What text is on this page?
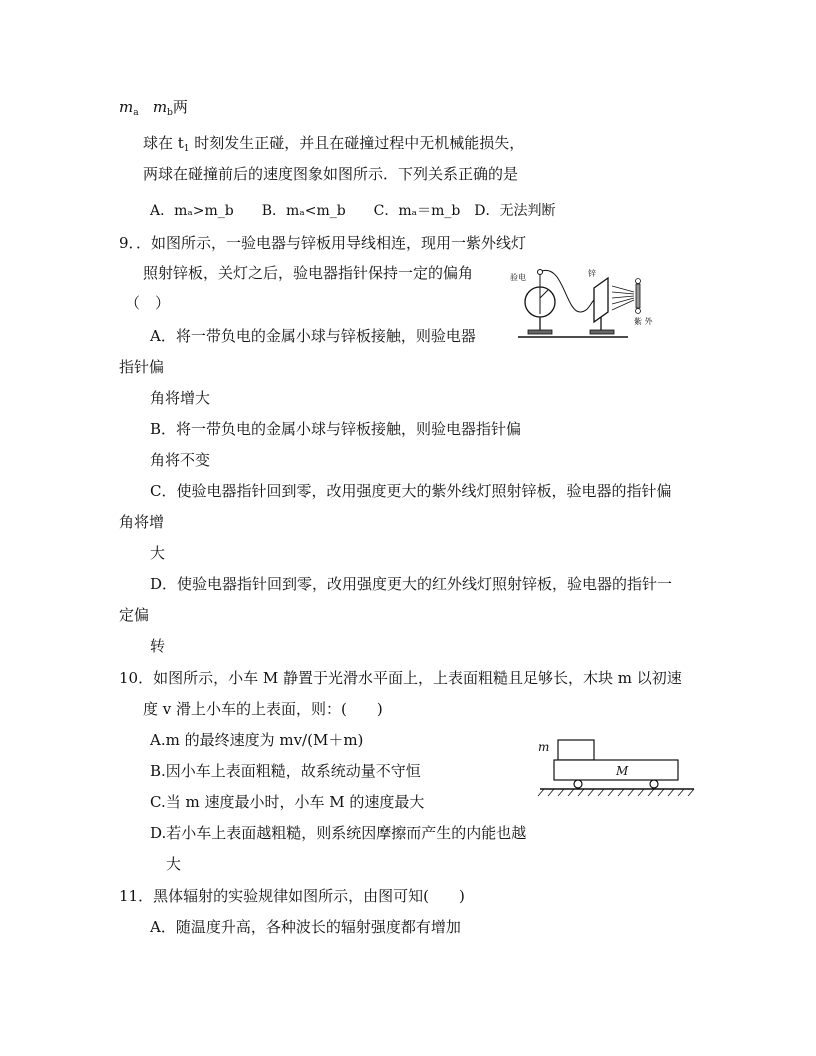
$m_a$ $m_b$两
球在 $t_1$ 时刻发生正碰，并且在碰撞过程中无机械能损失，
两球在碰撞前后的速度图象如图所示．下列关系正确的是
A．mₐ>m_b　　B．mₐ<m_b　　C．mₐ＝m_b　D．无法判断
9．．如图所示，一验电器与锌板用导线相连，现用一紫外线灯
照射锌板，关灯之后，验电器指针保持一定的偏角
（　）
A．将一带负电的金属小球与锌板接触，则验电器
指针偏
角将增大
B．将一带负电的金属小球与锌板接触，则验电器指针偏
角将不变
C．使验电器指针回到零，改用强度更大的紫外线灯照射锌板，验电器的指针偏
角将增
大
D．使验电器指针回到零，改用强度更大的红外线灯照射锌板，验电器的指针一
定偏
转
验电	锌
紫 外
10．如图所示，小车 M 静置于光滑水平面上，上表面粗糙且足够长，木块 m 以初速
度 v 滑上小车的上表面，则：(　　)
A.m 的最终速度为 mv/(M＋m)
B.因小车上表面粗糙，故系统动量不守恒
C.当 m 速度最小时，小车 M 的速度最大
D.若小车上表面越粗糙，则系统因摩擦而产生的内能也越
大
m
M
11．黑体辐射的实验规律如图所示，由图可知(　　)
A．随温度升高，各种波长的辐射强度都有增加
